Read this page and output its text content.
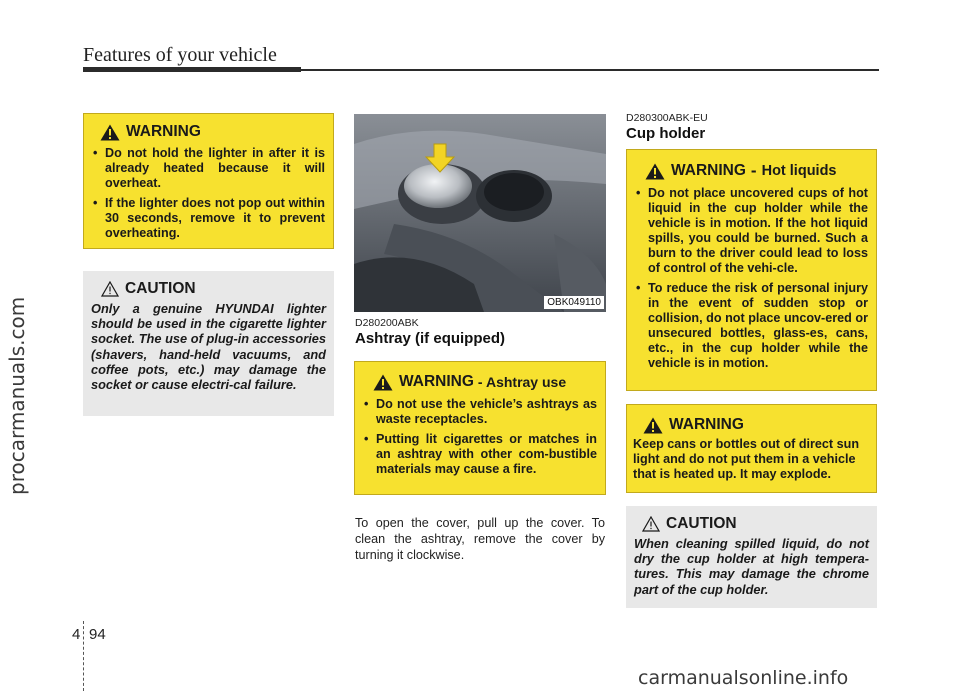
procarmanuals.com
carmanualsonline.info
Features of your vehicle
WARNING
• Do not hold the lighter in after it is already heated because it will overheat.
• If the lighter does not pop out within 30 seconds, remove it to prevent overheating.
CAUTION
Only a genuine HYUNDAI lighter should be used in the cigarette lighter socket. The use of plug-in accessories (shavers, hand-held vacuums, and coffee pots, etc.) may damage the socket or cause electri-cal failure.
OBK049110
D280200ABK
Ashtray (if equipped)
WARNING - Ashtray use
• Do not use the vehicle’s ashtrays as waste receptacles.
• Putting lit cigarettes or matches in an ashtray with other com-bustible materials may cause a fire.
To open the cover, pull up the cover. To clean the ashtray, remove the cover by turning it clockwise.
D280300ABK-EU
Cup holder
WARNING - Hot liquids
• Do not place uncovered cups of hot liquid in the cup holder while the vehicle is in motion. If the hot liquid spills, you could be burned. Such a burn to the driver could lead to loss of control of the vehi-cle.
• To reduce the risk of personal injury in the event of sudden stop or collision, do not place uncov-ered or unsecured bottles, glass-es, cans, etc., in the cup holder while the vehicle is in motion.
WARNING
Keep cans or bottles out of direct sun light and do not put them in a vehicle that is heated up. It may explode.
CAUTION
When cleaning spilled liquid, do not dry the cup holder at high tempera-tures. This may damage the chrome part of the cup holder.
4 94
